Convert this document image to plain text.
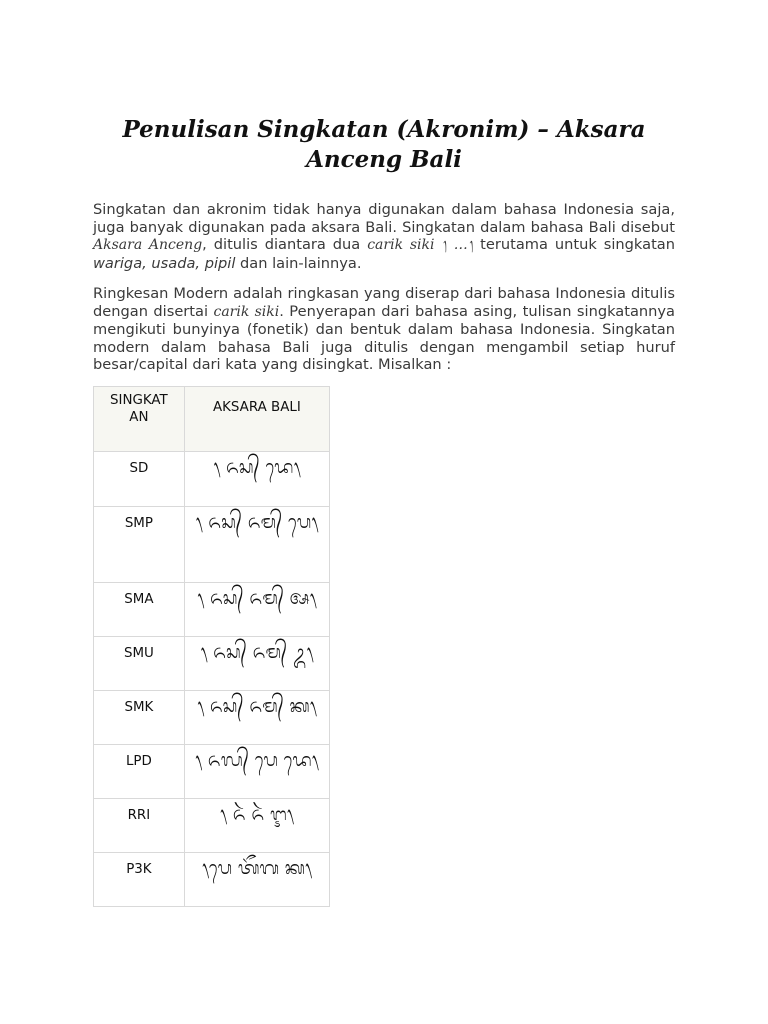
Penulisan Singkatan (Akronim) – Aksara Anceng Bali

Singkatan dan akronim tidak hanya digunakan dalam bahasa Indonesia saja, juga banyak digunakan pada aksara Bali. Singkatan dalam bahasa Bali disebut Aksara Anceng, ditulis diantara dua carik siki ᭞ …᭞ terutama untuk singkatan wariga, usada, pipil dan lain-lainnya.

Ringkesan Modern adalah ringkasan yang diserap dari bahasa Indonesia ditulis dengan disertai carik siki. Penyerapan dari bahasa asing, tulisan singkatannya mengikuti bunyinya (fonetik) dan bentuk dalam bahasa Indonesia. Singkatan modern dalam bahasa Bali juga ditulis dengan mengambil setiap huruf besar/capital dari kata yang disingkat. Misalkan :

SINGKAT
AN	AKSARA BALI
SD	᭞ ᬏᬲ᭄ ᬤᬾ᭞
SMP	᭞ ᬏᬲ᭄ ᬏᬫ᭄ ᬧᬾ᭞
SMA	᭞ ᬏᬲ᭄ ᬏᬫ᭄ ᬅ᭞
SMU	᭞ ᬏᬲ᭄ ᬏᬫ᭄ ᬉ᭞
SMK	᭞ ᬏᬲ᭄ ᬏᬫ᭄ ᬓ᭞
LPD	᭞ ᬏᬮ᭄ ᬧᬾ ᬤᬾ᭞
RRI	᭞ ᬏᬃ ᬏᬃ ᬇ᭞
P3K	᭞ᬧᬾ ᬢᭂᬕ ᬓ᭞
